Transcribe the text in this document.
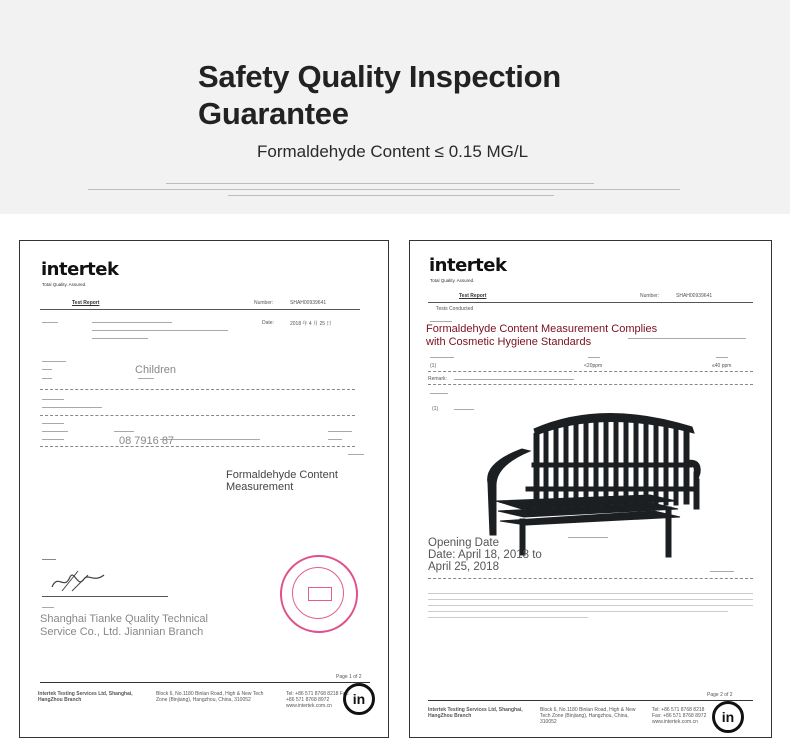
Safety Quality Inspection
Guarantee
Formaldehyde Content ≤ 0.15 MG/L
intertek
Total Quality. Assured.
Test Report	Number:	SHAH00939641
Date:	2018 年 4 月 25 日
Children
08 7916 87
Formaldehyde Content
Measurement
Shanghai Tianke Quality Technical
Service Co., Ltd. Jiannian Branch
Page 1 of 2
Intertek Testing Services Ltd, Shanghai, HangZhou Branch
Block 6, No.1180 Binlan Road, High & New Tech Zone (Binjiang), Hangzhou, China, 310052
Tel: +86 571 8768 8218 Fax: +86 571 8768 8972 www.intertek.com.cn	in
intertek
Total Quality. Assured.
Test Report	Number:	SHAH00939641
Tests Conducted
Formaldehyde Content Measurement Complies
with Cosmetic Hygiene Standards
(1)	<20ppm	≤40 ppm
Remark:
(1)
Opening Date
Date: April 18, 2018 to
April 25, 2018
Page 2 of 2
Intertek Testing Services Ltd, Shanghai, HangZhou Branch
Block 6, No.1180 Binlan Road, High & New Tech Zone (Binjiang), Hangzhou, China, 310052
Tel: +86 571 8768 8218 Fax: +86 571 8768 8972 www.intertek.com.cn	in
